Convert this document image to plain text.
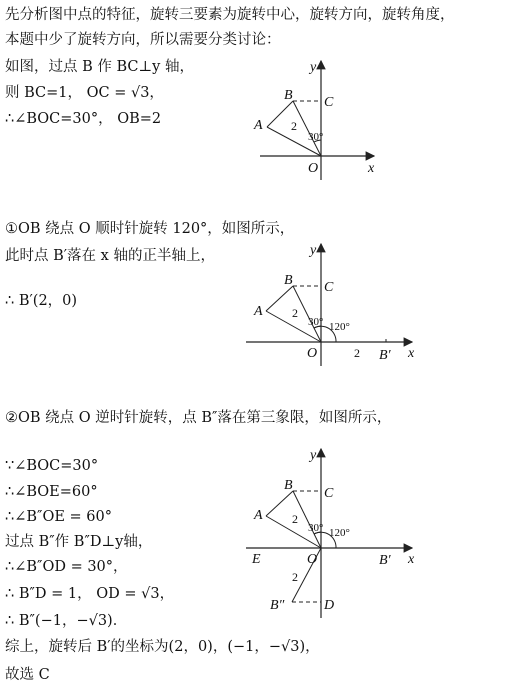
先分析图中点的特征，旋转三要素为旋转中心，旋转方向，旋转角度，
本题中少了旋转方向，所以需要分类讨论：
如图，过点 B 作 BC⊥y 轴，
则 BC=1， OC = √3，
∴∠BOC=30°， OB=2
y
x
O
B C
A 2
30°
①OB 绕点 O 顺时针旋转 120°，如图所示，
此时点 B′落在 x 轴的正半轴上，
∴ B′(2，0)
y
x
O
B C
A 2
30° 120°
2 B′
②OB 绕点 O 逆时针旋转，点 B″落在第三象限，如图所示，
∵∠BOC=30°
∴∠BOE=60°
∴∠B″OE = 60°
过点 B″作 B″D⊥y轴，
∴∠B″OD = 30°，
∴ B″D = 1， OD = √3，
∴ B″(−1，−√3)．
y
x
O
B
C
A 2
30° 120°
B′
E
D
B″
2
综上，旋转后 B′的坐标为(2，0)，(−1，−√3)，
故选 C
